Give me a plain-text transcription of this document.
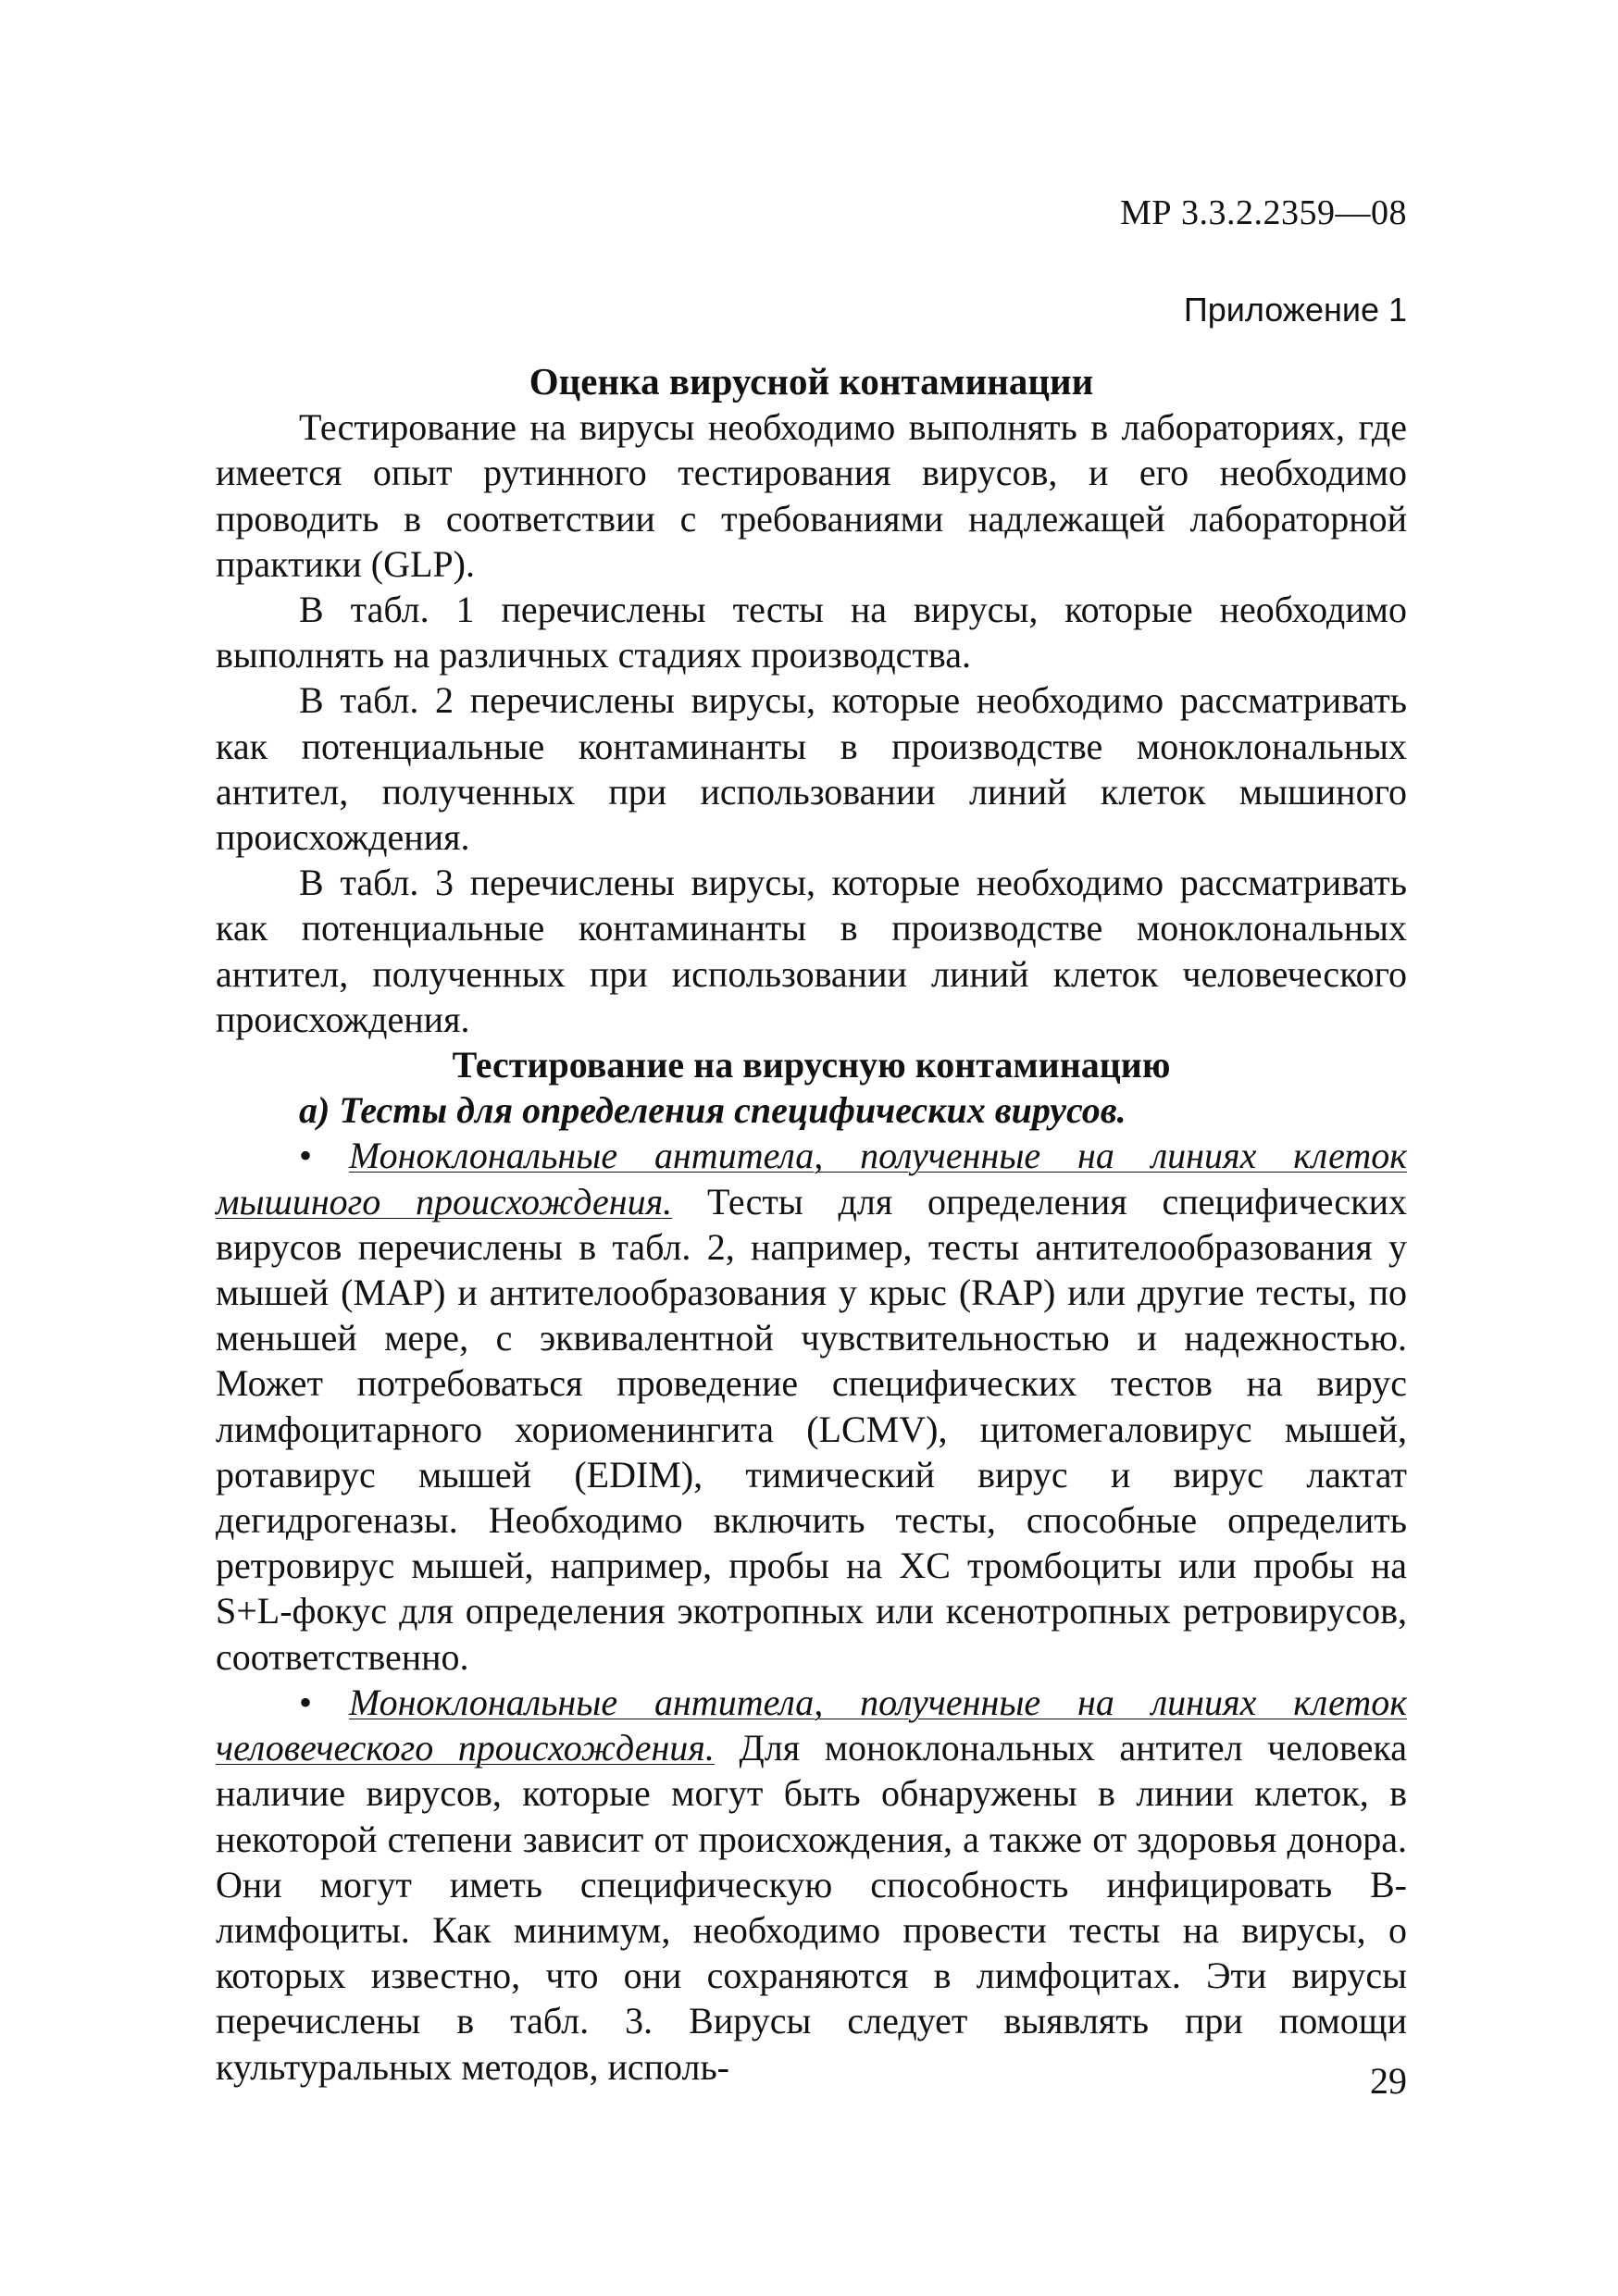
МР 3.3.2.2359—08
Приложение 1

Оценка вирусной контаминации

Тестирование на вирусы необходимо выполнять в лабораториях, где имеется опыт рутинного тестирования вирусов, и его необходимо проводить в соответствии с требованиями надлежащей лабораторной практики (GLP).

В табл. 1 перечислены тесты на вирусы, которые необходимо выполнять на различных стадиях производства.

В табл. 2 перечислены вирусы, которые необходимо рассматривать как потенциальные контаминанты в производстве моноклональных антител, полученных при использовании линий клеток мышиного происхождения.

В табл. 3 перечислены вирусы, которые необходимо рассматривать как потенциальные контаминанты в производстве моноклональных антител, полученных при использовании линий клеток человеческого происхождения.

Тестирование на вирусную контаминацию

а) Тесты для определения специфических вирусов.

• Моноклональные антитела, полученные на линиях клеток мышиного происхождения. Тесты для определения специфических вирусов перечислены в табл. 2, например, тесты антителообразования у мышей (MAP) и антителообразования у крыс (RAP) или другие тесты, по меньшей мере, с эквивалентной чувствительностью и надежностью. Может потребоваться проведение специфических тестов на вирус лимфоцитарного хориоменингита (LCMV), цитомегаловирус мышей, ротавирус мышей (EDIM), тимический вирус и вирус лактат дегидрогеназы. Необходимо включить тесты, способные определить ретровирус мышей, например, пробы на XC тромбоциты или пробы на S+L-фокус для определения экотропных или ксенотропных ретровирусов, соответственно.

• Моноклональные антитела, полученные на линиях клеток человеческого происхождения. Для моноклональных антител человека наличие вирусов, которые могут быть обнаружены в линии клеток, в некоторой степени зависит от происхождения, а также от здоровья донора. Они могут иметь специфическую способность инфицировать B-лимфоциты. Как минимум, необходимо провести тесты на вирусы, о которых известно, что они сохраняются в лимфоцитах. Эти вирусы перечислены в табл. 3. Вирусы следует выявлять при помощи культуральных методов, исполь-	29
